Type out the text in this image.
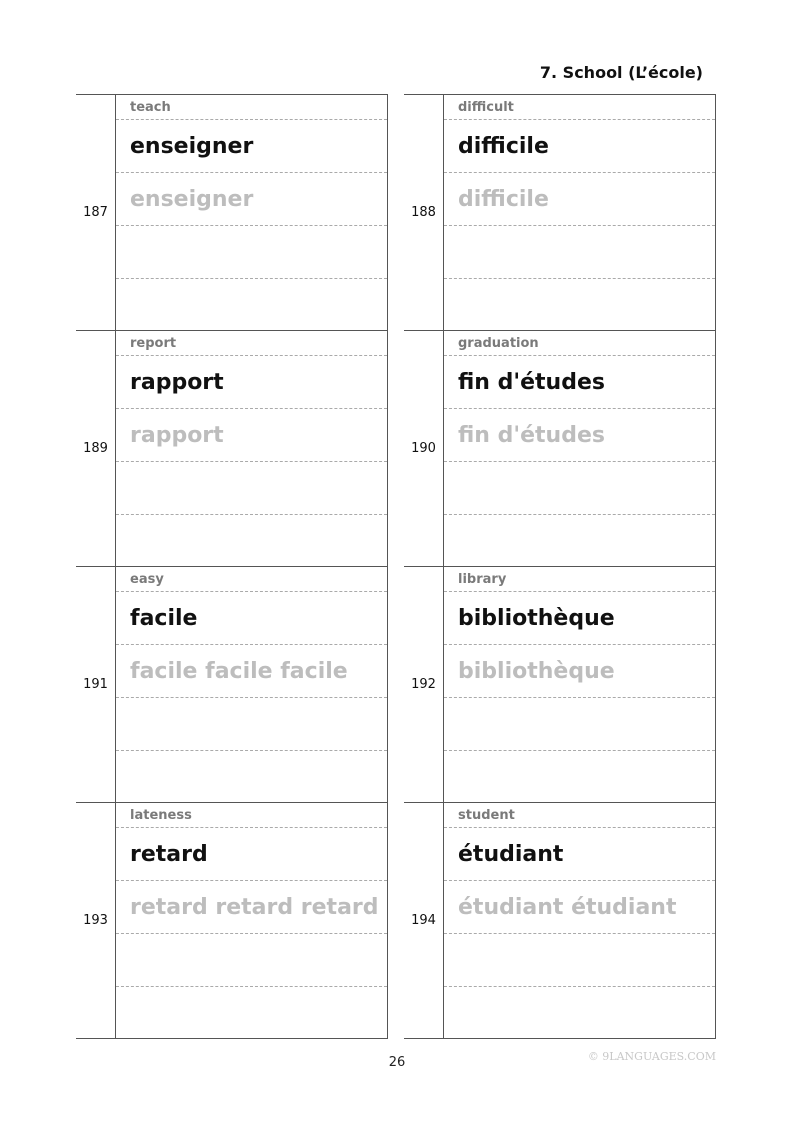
7. School (L’école)
187
teach
enseigner
enseigner
189
report
rapport
rapport
191
easy
facile
facile facile facile
193
lateness
retard
retard retard retard
188
difficult
difficile
difficile
190
graduation
fin d'études
fin d'études
192
library
bibliothèque
bibliothèque
194
student
étudiant
étudiant étudiant
26	© 9LANGUAGES.COM
